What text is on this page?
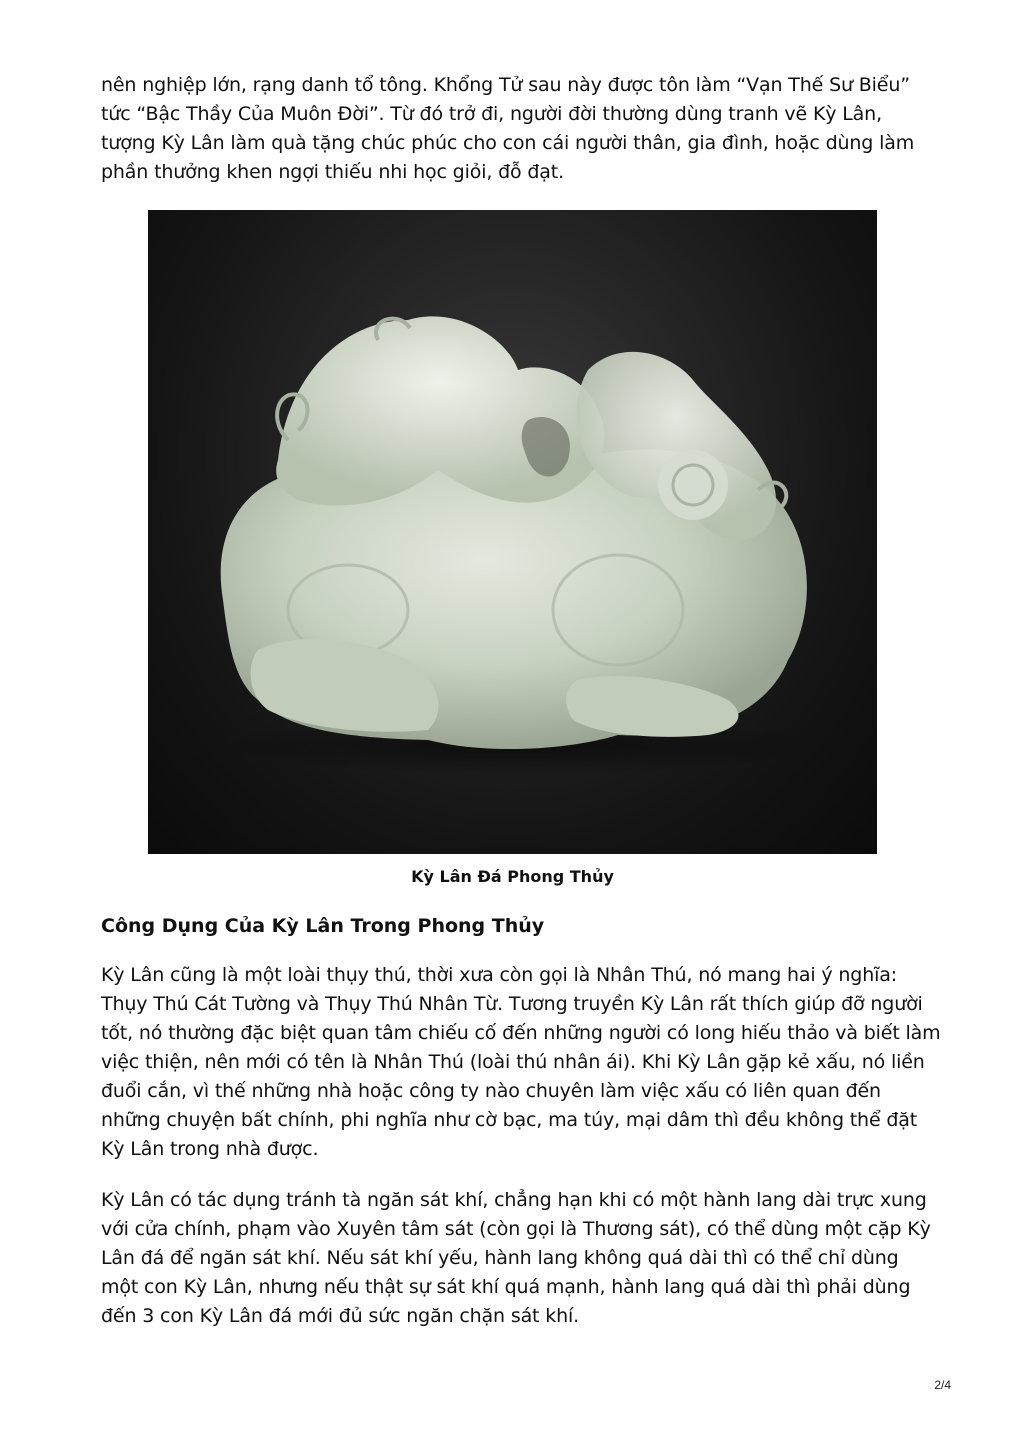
nên nghiệp lớn, rạng danh tổ tông. Khổng Tử sau này được tôn làm “Vạn Thế Sư Biểu” tức “Bậc Thầy Của Muôn Đời”. Từ đó trở đi, người đời thường dùng tranh vẽ Kỳ Lân, tượng Kỳ Lân làm quà tặng chúc phúc cho con cái người thân, gia đình, hoặc dùng làm phần thưởng khen ngợi thiếu nhi học giỏi, đỗ đạt.

Kỳ Lân Đá Phong Thủy
Công Dụng Của Kỳ Lân Trong Phong Thủy

Kỳ Lân cũng là một loài thụy thú, thời xưa còn gọi là Nhân Thú, nó mang hai ý nghĩa: Thụy Thú Cát Tường và Thụy Thú Nhân Từ. Tương truyền Kỳ Lân rất thích giúp đỡ người tốt, nó thường đặc biệt quan tâm chiếu cố đến những người có long hiếu thảo và biết làm việc thiện, nên mới có tên là Nhân Thú (loài thú nhân ái). Khi Kỳ Lân gặp kẻ xấu, nó liền đuổi cắn, vì thế những nhà hoặc công ty nào chuyên làm việc xấu có liên quan đến những chuyện bất chính, phi nghĩa như cờ bạc, ma túy, mại dâm thì đều không thể đặt Kỳ Lân trong nhà được.

Kỳ Lân có tác dụng tránh tà ngăn sát khí, chẳng hạn khi có một hành lang dài trực xung với cửa chính, phạm vào Xuyên tâm sát (còn gọi là Thương sát), có thể dùng một cặp Kỳ Lân đá để ngăn sát khí. Nếu sát khí yếu, hành lang không quá dài thì có thể chỉ dùng một con Kỳ Lân, nhưng nếu thật sự sát khí quá mạnh, hành lang quá dài thì phải dùng đến 3 con Kỳ Lân đá mới đủ sức ngăn chặn sát khí.

2/4
